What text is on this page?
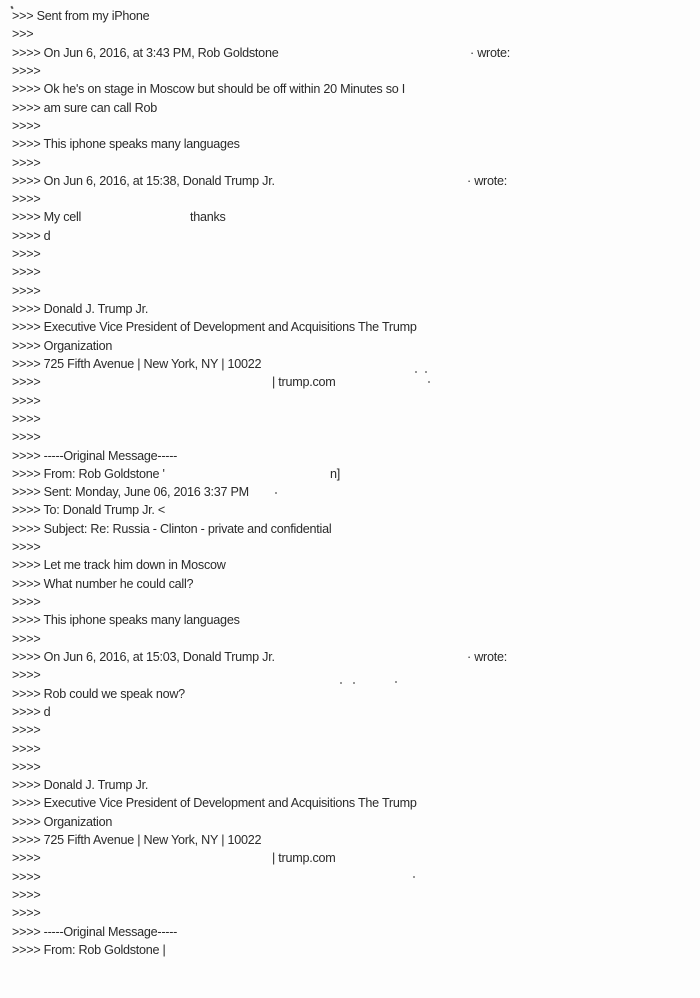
>>> Sent from my iPhone
>>>
>>>> On Jun 6, 2016, at 3:43 PM, Rob Goldstone	· wrote:
>>>>
>>>> Ok he's on stage in Moscow but should be off within 20 Minutes so I
>>>> am sure can call Rob
>>>>
>>>> This iphone speaks many languages
>>>>
>>>> On Jun 6, 2016, at 15:38, Donald Trump Jr.	· wrote:
>>>>
>>>> My cell	thanks
>>>> d
>>>>
>>>>
>>>>
>>>> Donald J. Trump Jr.
>>>> Executive Vice President of Development and Acquisitions The Trump
>>>> Organization
>>>> 725 Fifth Avenue | New York, NY | 10022
>>>>	| trump.com
>>>>
>>>>
>>>>
>>>> -----Original Message-----
>>>> From: Rob Goldstone '	n]
>>>> Sent: Monday, June 06, 2016 3:37 PM
>>>> To: Donald Trump Jr. <
>>>> Subject: Re: Russia - Clinton - private and confidential
>>>>
>>>> Let me track him down in Moscow
>>>> What number he could call?
>>>>
>>>> This iphone speaks many languages
>>>>
>>>> On Jun 6, 2016, at 15:03, Donald Trump Jr.	· wrote:
>>>>
>>>> Rob could we speak now?
>>>> d
>>>>
>>>>
>>>>
>>>> Donald J. Trump Jr.
>>>> Executive Vice President of Development and Acquisitions The Trump
>>>> Organization
>>>> 725 Fifth Avenue | New York, NY | 10022
>>>>	| trump.com
>>>>
>>>>
>>>>
>>>> -----Original Message-----
>>>> From: Rob Goldstone |
